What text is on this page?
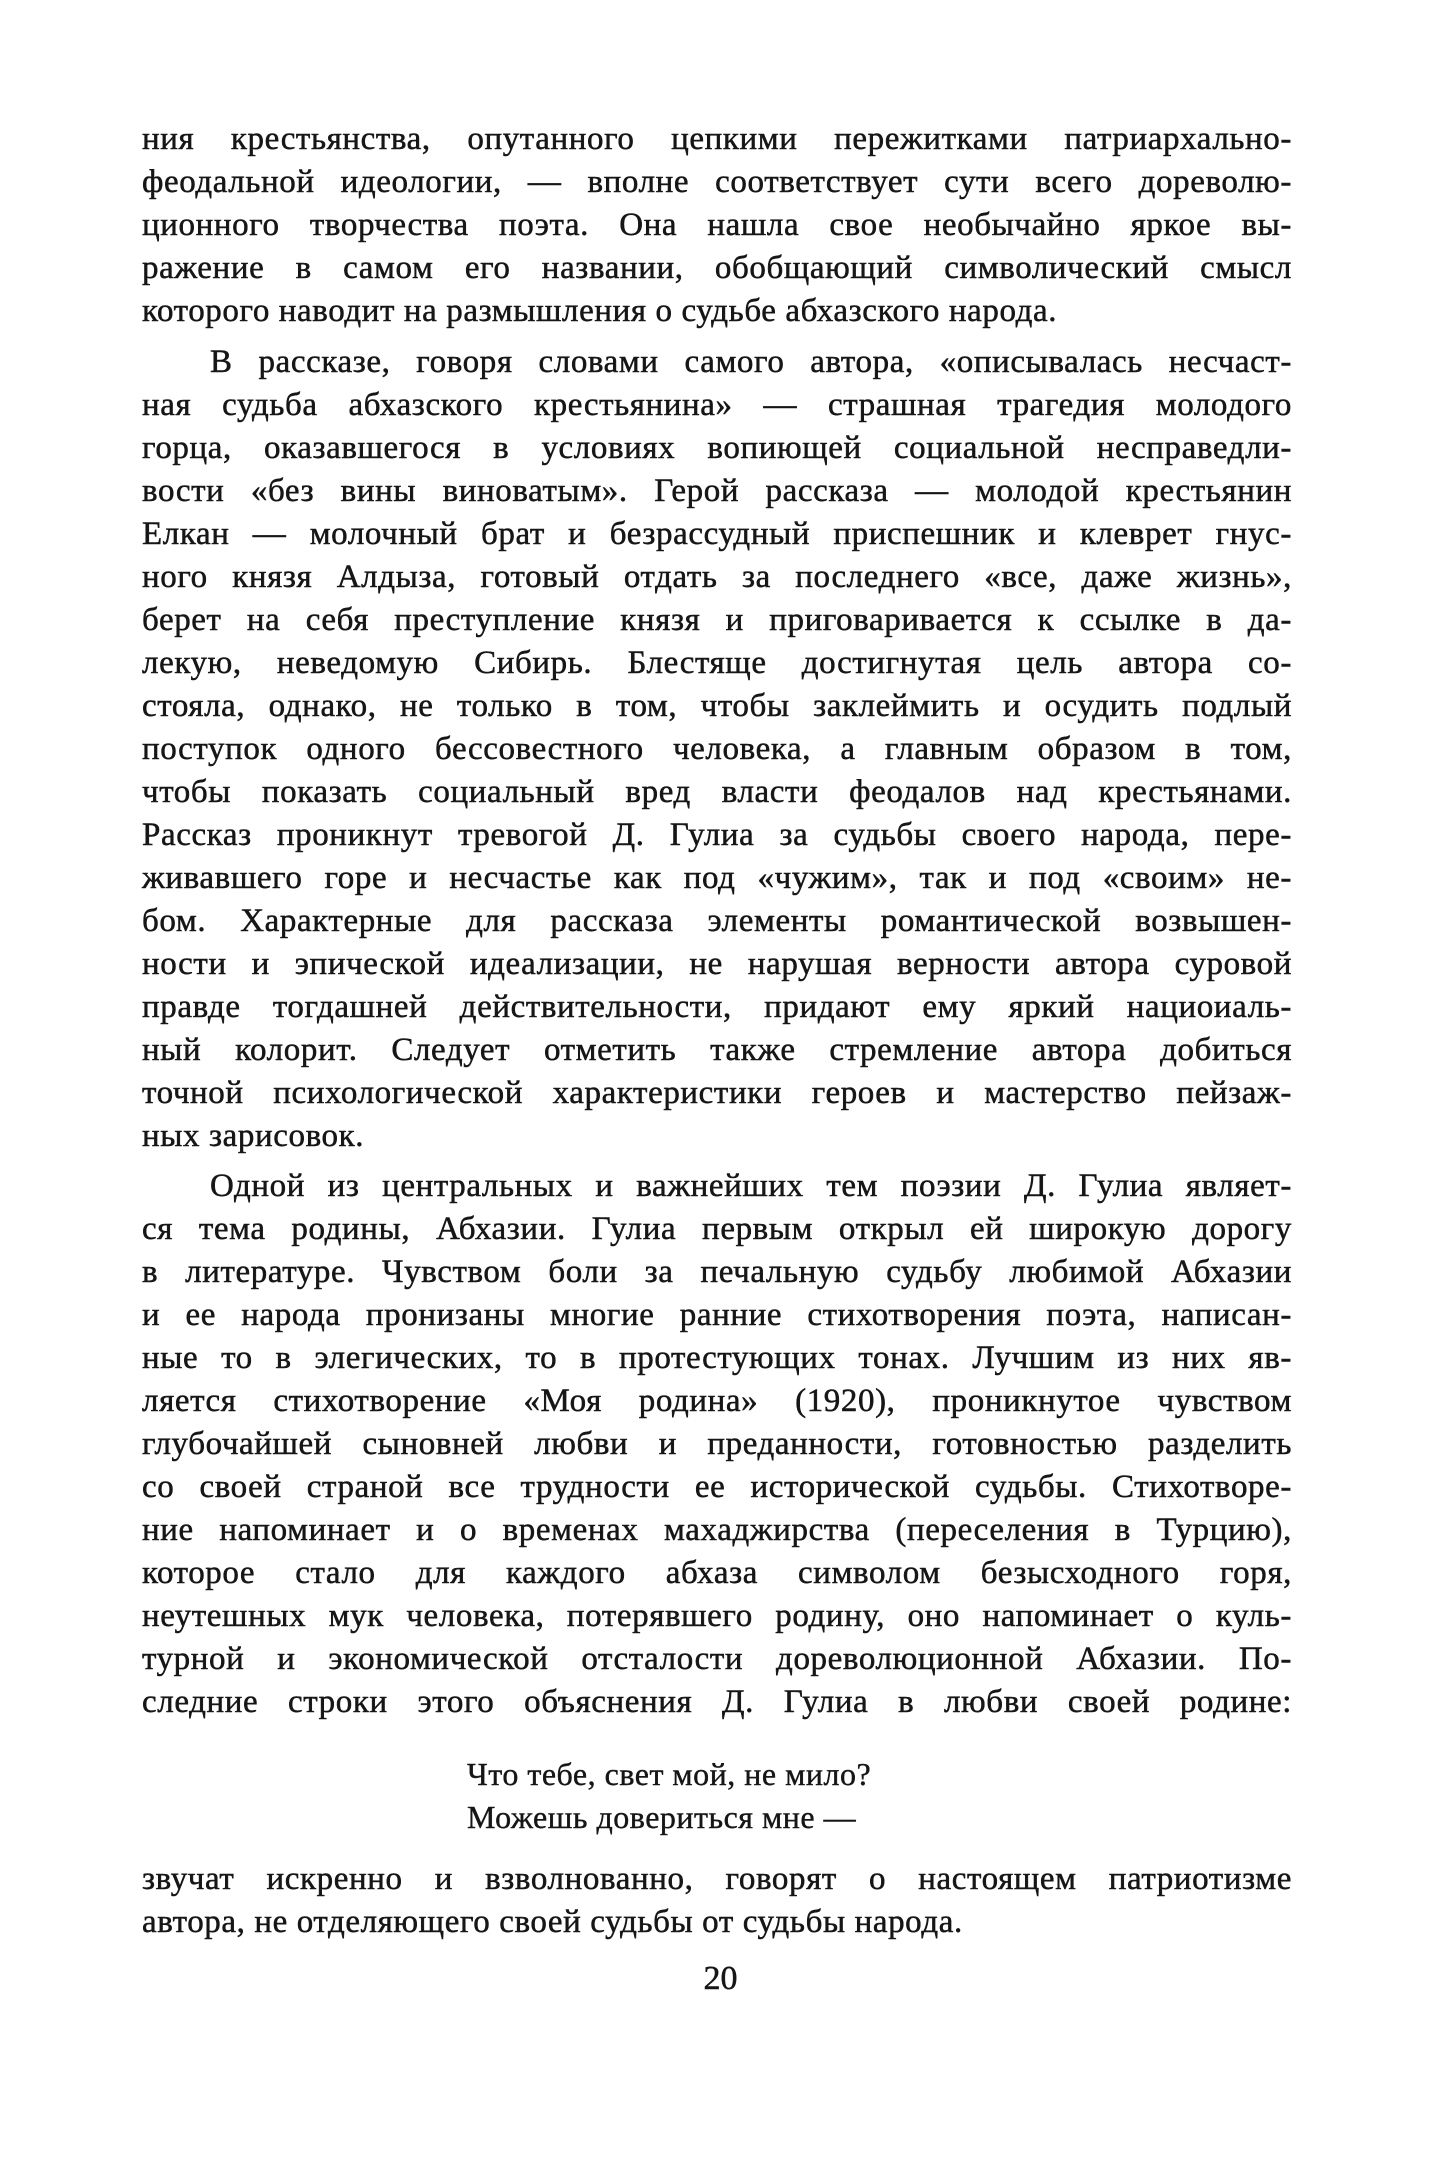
ния крестьянства, опутанного цепкими пережитками патриархально-
феодальной идеологии, — вполне соответствует сути всего дореволю-
ционного творчества поэта. Она нашла свое необычайно яркое вы-
ражение в самом его названии, обобщающий символический смысл
которого наводит на размышления о судьбе абхазского народа.
В рассказе, говоря словами самого автора, «описывалась несчаст-
ная судьба абхазского крестьянина» — страшная трагедия молодого
горца, оказавшегося в условиях вопиющей социальной несправедли-
вости «без вины виноватым». Герой рассказа — молодой крестьянин
Елкан — молочный брат и безрассудный приспешник и клеврет гнус-
ного князя Алдыза, готовый отдать за последнего «все, даже жизнь»,
берет на себя преступление князя и приговаривается к ссылке в да-
лекую, неведомую Сибирь. Блестяще достигнутая цель автора со-
стояла, однако, не только в том, чтобы заклеймить и осудить подлый
поступок одного бессовестного человека, а главным образом в том,
чтобы показать социальный вред власти феодалов над крестьянами.
Рассказ проникнут тревогой Д. Гулиа за судьбы своего народа, пере-
живавшего горе и несчастье как под «чужим», так и под «своим» не-
бом. Характерные для рассказа элементы романтической возвышен-
ности и эпической идеализации, не нарушая верности автора суровой
правде тогдашней действительности, придают ему яркий нациоиаль-
ный колорит. Следует отметить также стремление автора добиться
точной психологической характеристики героев и мастерство пейзаж-
ных зарисовок.
Одной из центральных и важнейших тем поэзии Д. Гулиа являет-
ся тема родины, Абхазии. Гулиа первым открыл ей широкую дорогу
в литературе. Чувством боли за печальную судьбу любимой Абхазии
и ее народа пронизаны многие ранние стихотворения поэта, написан-
ные то в элегических, то в протестующих тонах. Лучшим из них яв-
ляется стихотворение «Моя родина» (1920), проникнутое чувством
глубочайшей сыновней любви и преданности, готовностью разделить
со своей страной все трудности ее исторической судьбы. Стихотворе-
ние напоминает и о временах махаджирства (переселения в Турцию),
которое стало для каждого абхаза символом безысходного горя,
неутешных мук человека, потерявшего родину, оно напоминает о куль-
турной и экономической отсталости дореволюционной Абхазии. По-
следние строки этого объяснения Д. Гулиа в любви своей родине:
Что тебе, свет мой, не мило?
Можешь довериться мне —
звучат искренно и взволнованно, говорят о настоящем патриотизме
автора, не отделяющего своей судьбы от судьбы народа.
20
